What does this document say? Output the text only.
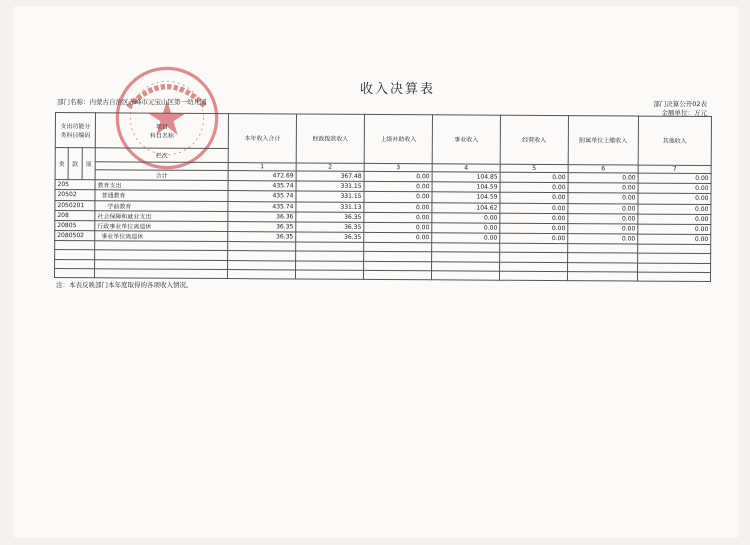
收入决算表
部门名称：内蒙古自治区赤峰市元宝山区第一幼儿园	部门决算公开02表
金额单位：万元
支出功能分类科目编码			项目
科目名称	本年收入合计	财政拨款收入	上级补助收入	事业收入	经营收入	附属单位上缴收入	其他收入
类	款	项	栏次							
				1	2	3	4	5	6	7
			合计	472.69	367.48	0.00	104.85	0.00	0.00	0.00
205			教育支出	435.74	331.15	0.00	104.59	0.00	0.00	0.00
20502			普通教育	435.74	331.15	0.00	104.59	0.00	0.00	0.00
2050201			学前教育	435.74	331.13	0.00	104.62	0.00	0.00	0.00
208			社会保障和就业支出	36.36	36.35	0.00	0.00	0.00	0.00	0.00
20805			行政事业单位离退休	36.35	36.35	0.00	0.00	0.00	0.00	0.00
2080502			事业单位离退休	36.35	36.35	0.00	0.00	0.00	0.00	0.00

注：本表反映部门本年度取得的各项收入情况。
